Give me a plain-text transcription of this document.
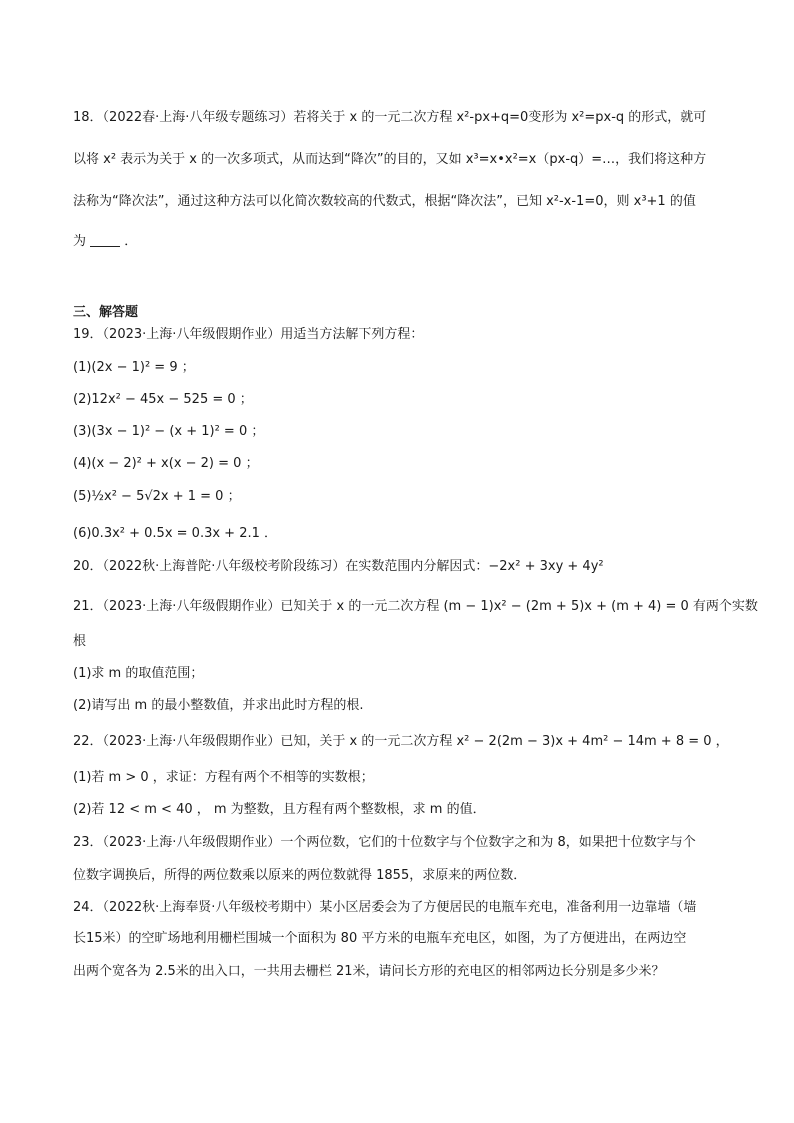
18．（2022春·上海·八年级专题练习）若将关于 x 的一元二次方程 x²-px+q=0变形为 x²=px-q 的形式，就可
以将 x² 表示为关于 x 的一次多项式，从而达到“降次”的目的，又如 x³=x•x²=x（px-q）=…，我们将这种方
法称为“降次法”，通过这种方法可以化简次数较高的代数式，根据“降次法”，已知 x²-x-1=0，则 x³+1 的值
为	．
三、解答题
19．（2023·上海·八年级假期作业）用适当方法解下列方程：
(1)(2x − 1)² = 9 ；
(2)12x² − 45x − 525 = 0 ；
(3)(3x − 1)² − (x + 1)² = 0 ；
(4)(x − 2)² + x(x − 2) = 0 ；
(5)½x² − 5√2x + 1 = 0 ；
(6)0.3x² + 0.5x = 0.3x + 2.1 ．
20．（2022秋·上海普陀·八年级校考阶段练习）在实数范围内分解因式：−2x² + 3xy + 4y²
21．（2023·上海·八年级假期作业）已知关于 x 的一元二次方程 (m − 1)x² − (2m + 5)x + (m + 4) = 0 有两个实数
根
(1)求 m 的取值范围；
(2)请写出 m 的最小整数值，并求出此时方程的根.
22．（2023·上海·八年级假期作业）已知，关于 x 的一元二次方程 x² − 2(2m − 3)x + 4m² − 14m + 8 = 0 ，
(1)若 m > 0 ，求证：方程有两个不相等的实数根；
(2)若 12 < m < 40 ， m 为整数，且方程有两个整数根，求 m 的值．
23．（2023·上海·八年级假期作业）一个两位数，它们的十位数字与个位数字之和为 8，如果把十位数字与个
位数字调换后，所得的两位数乘以原来的两位数就得 1855，求原来的两位数．
24．（2022秋·上海奉贤·八年级校考期中）某小区居委会为了方便居民的电瓶车充电，准备利用一边靠墙（墙
长15米）的空旷场地利用栅栏围城一个面积为 80 平方米的电瓶车充电区，如图，为了方便进出，在两边空
出两个宽各为 2.5米的出入口，一共用去栅栏 21米，请问长方形的充电区的相邻两边长分别是多少米？
